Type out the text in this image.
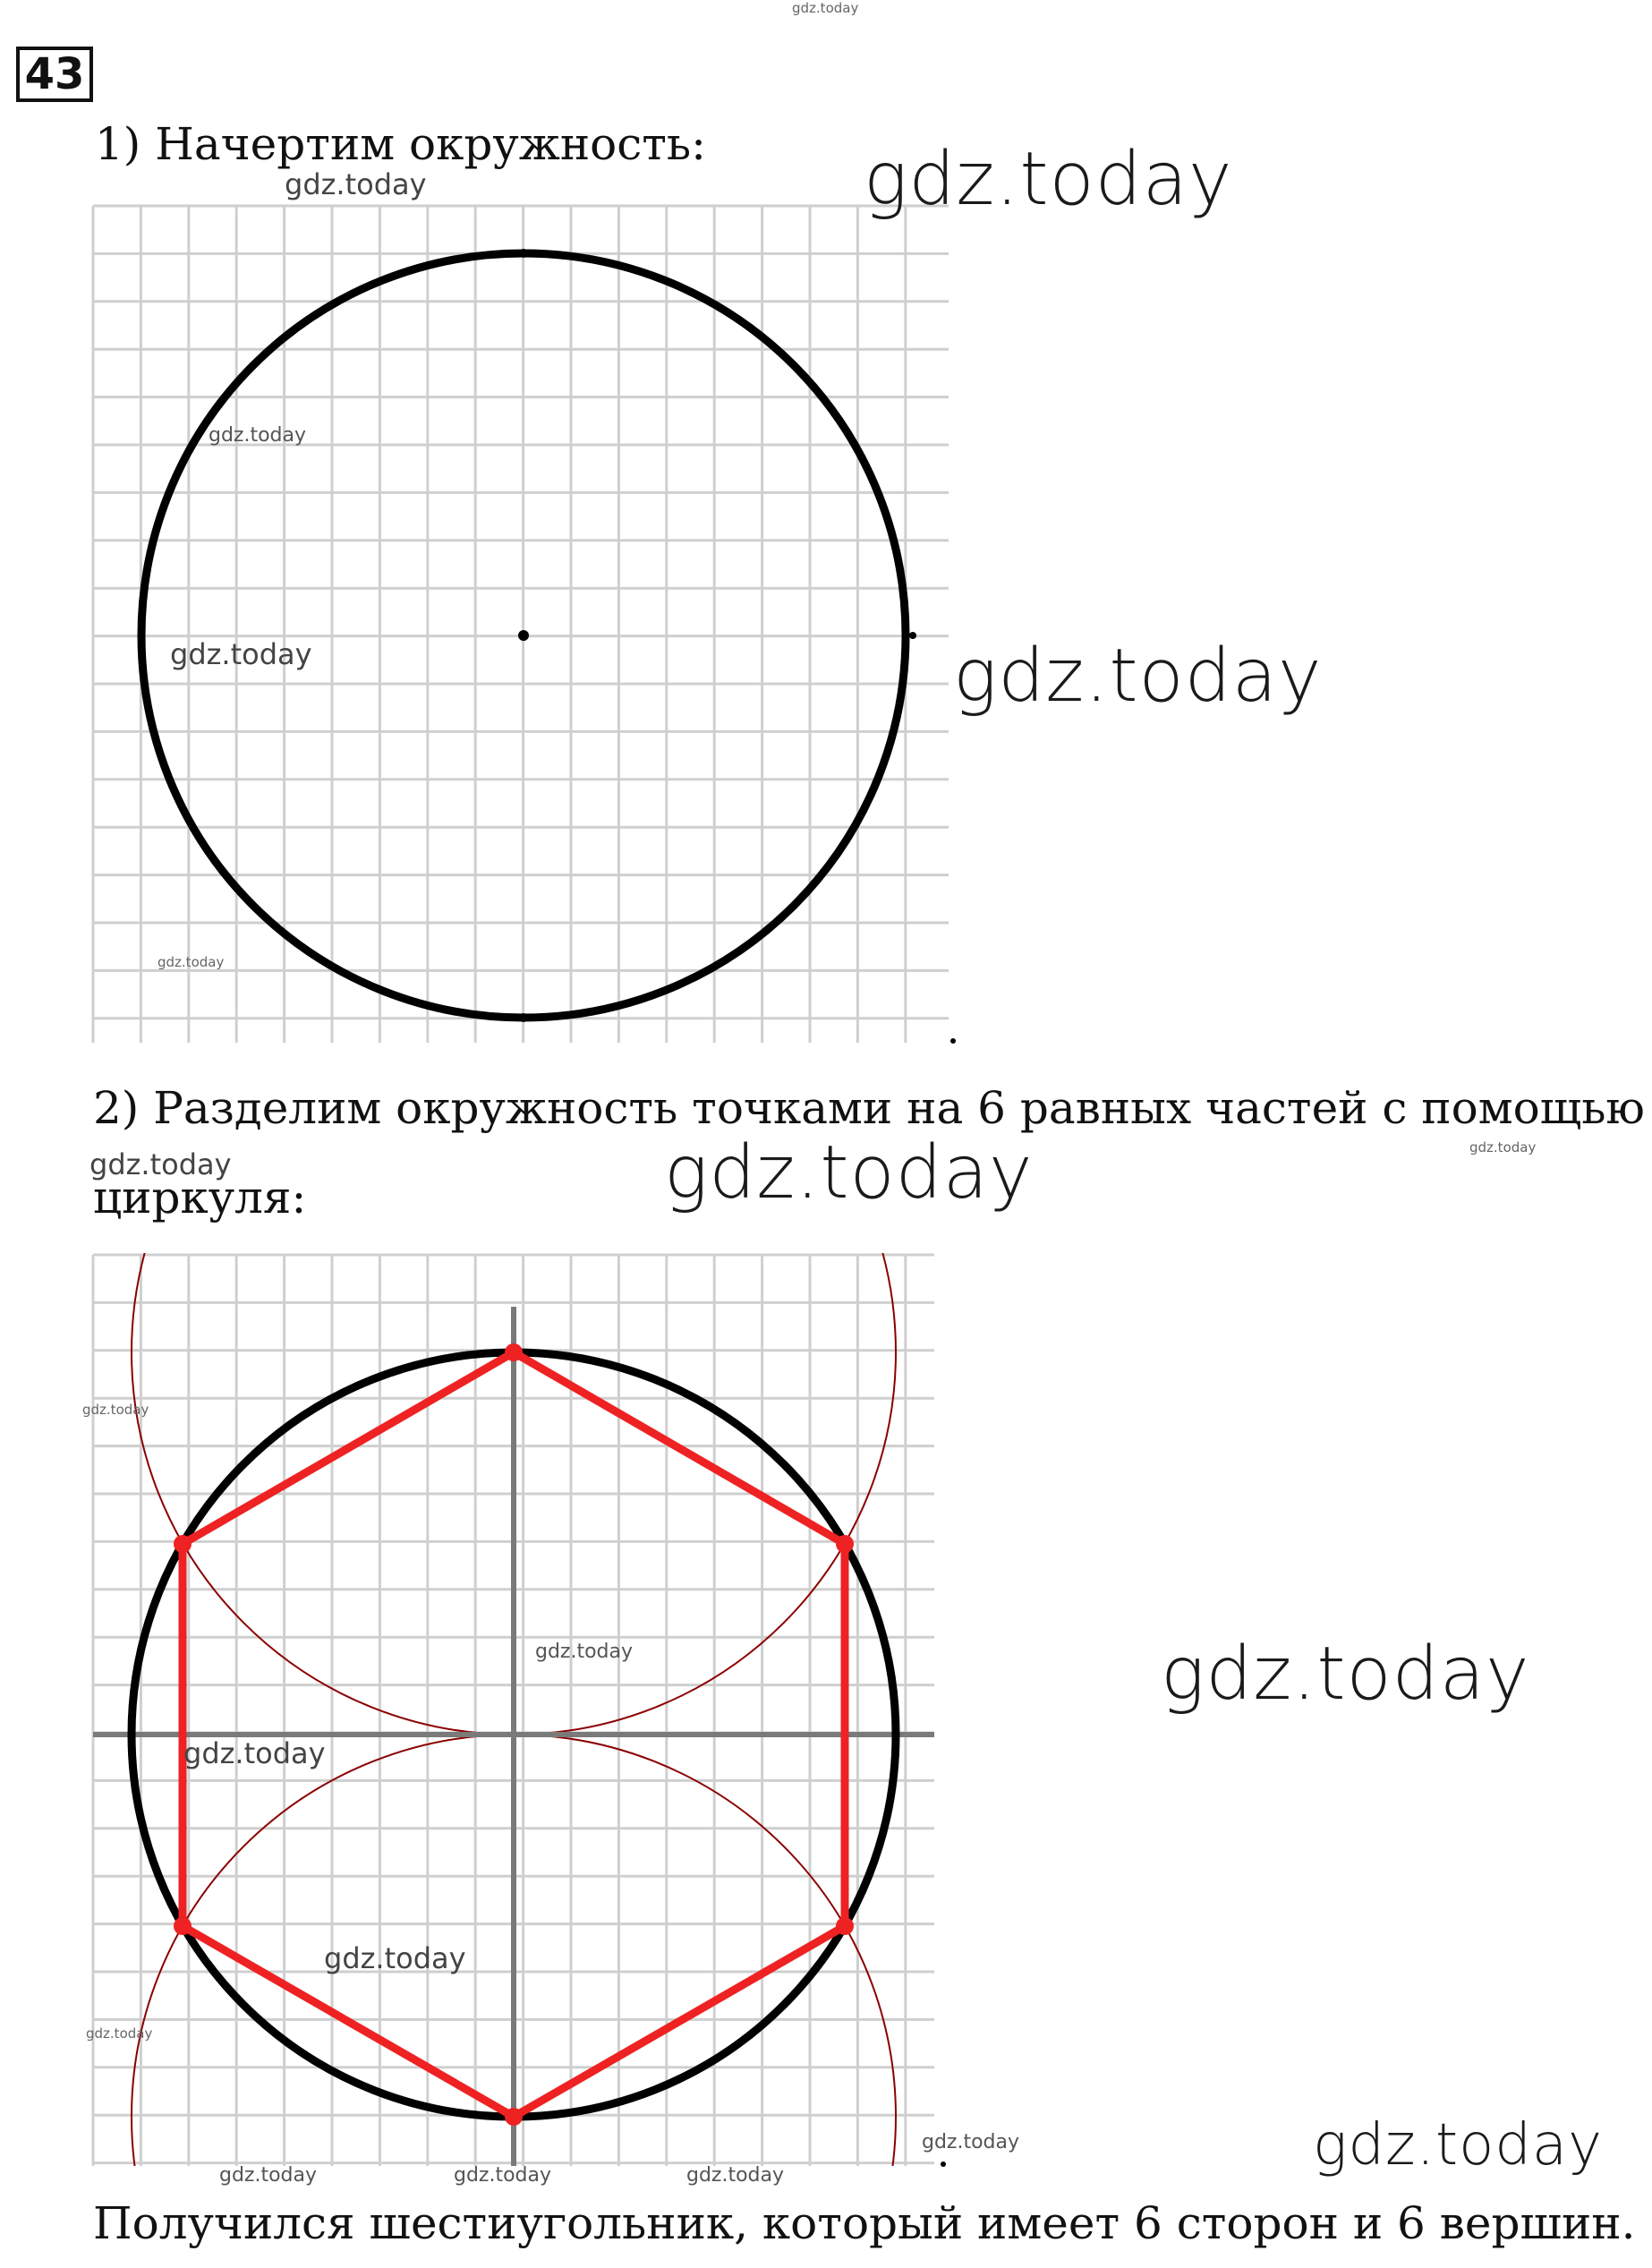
43
1) Начертим окружность:
2) Разделим окружность точками на 6 равных частей с помощью
циркуля:
Получился шестиугольник, который имеет 6 сторон и 6 вершин.
gdz.today
gdz.today	gdz.today
gdz.today
gdz.today	gdz.today
gdz.today
gdz.today	gdz.today
gdz.today
gdz.today
gdz.today	gdz.today
gdz.today
gdz.today
gdz.today
gdz.today
gdz.today	gdz.today	gdz.today	gdz.today
